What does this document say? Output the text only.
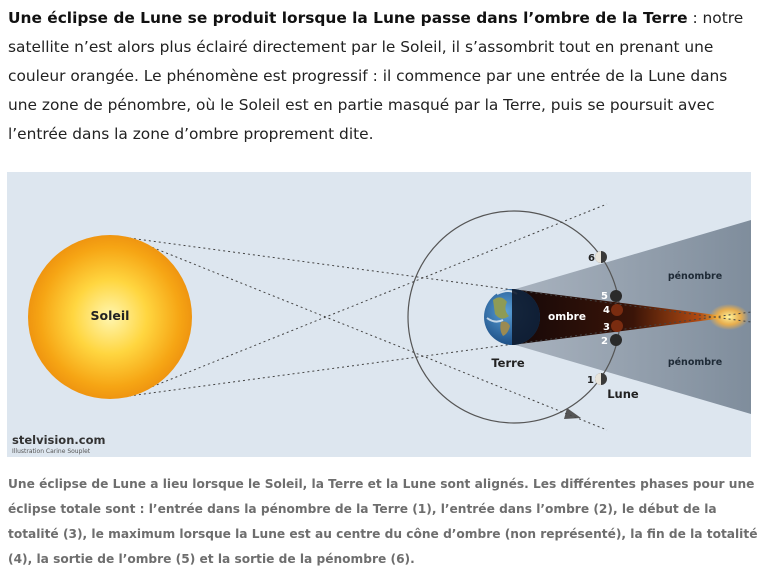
Une éclipse de Lune se produit lorsque la Lune passe dans l’ombre de la Terre : notre satellite n’est alors plus éclairé directement par le Soleil, il s’assombrit tout en prenant une couleur orangée. Le phénomène est progressif : il commence par une entrée de la Lune dans une zone de pénombre, où le Soleil est en partie masqué par la Terre, puis se poursuit avec l’entrée dans la zone d’ombre proprement dite.

Soleil
Terre
ombre
pénombre
pénombre
6
5
4
3
2
1
Lune
stelvision.com
Illustration Carine Souplet

Une éclipse de Lune a lieu lorsque le Soleil, la Terre et la Lune sont alignés. Les différentes phases pour une éclipse totale sont : l’entrée dans la pénombre de la Terre (1), l’entrée dans l’ombre (2), le début de la totalité (3), le maximum lorsque la Lune est au centre du cône d’ombre (non représenté), la fin de la totalité (4), la sortie de l’ombre (5) et la sortie de la pénombre (6).
